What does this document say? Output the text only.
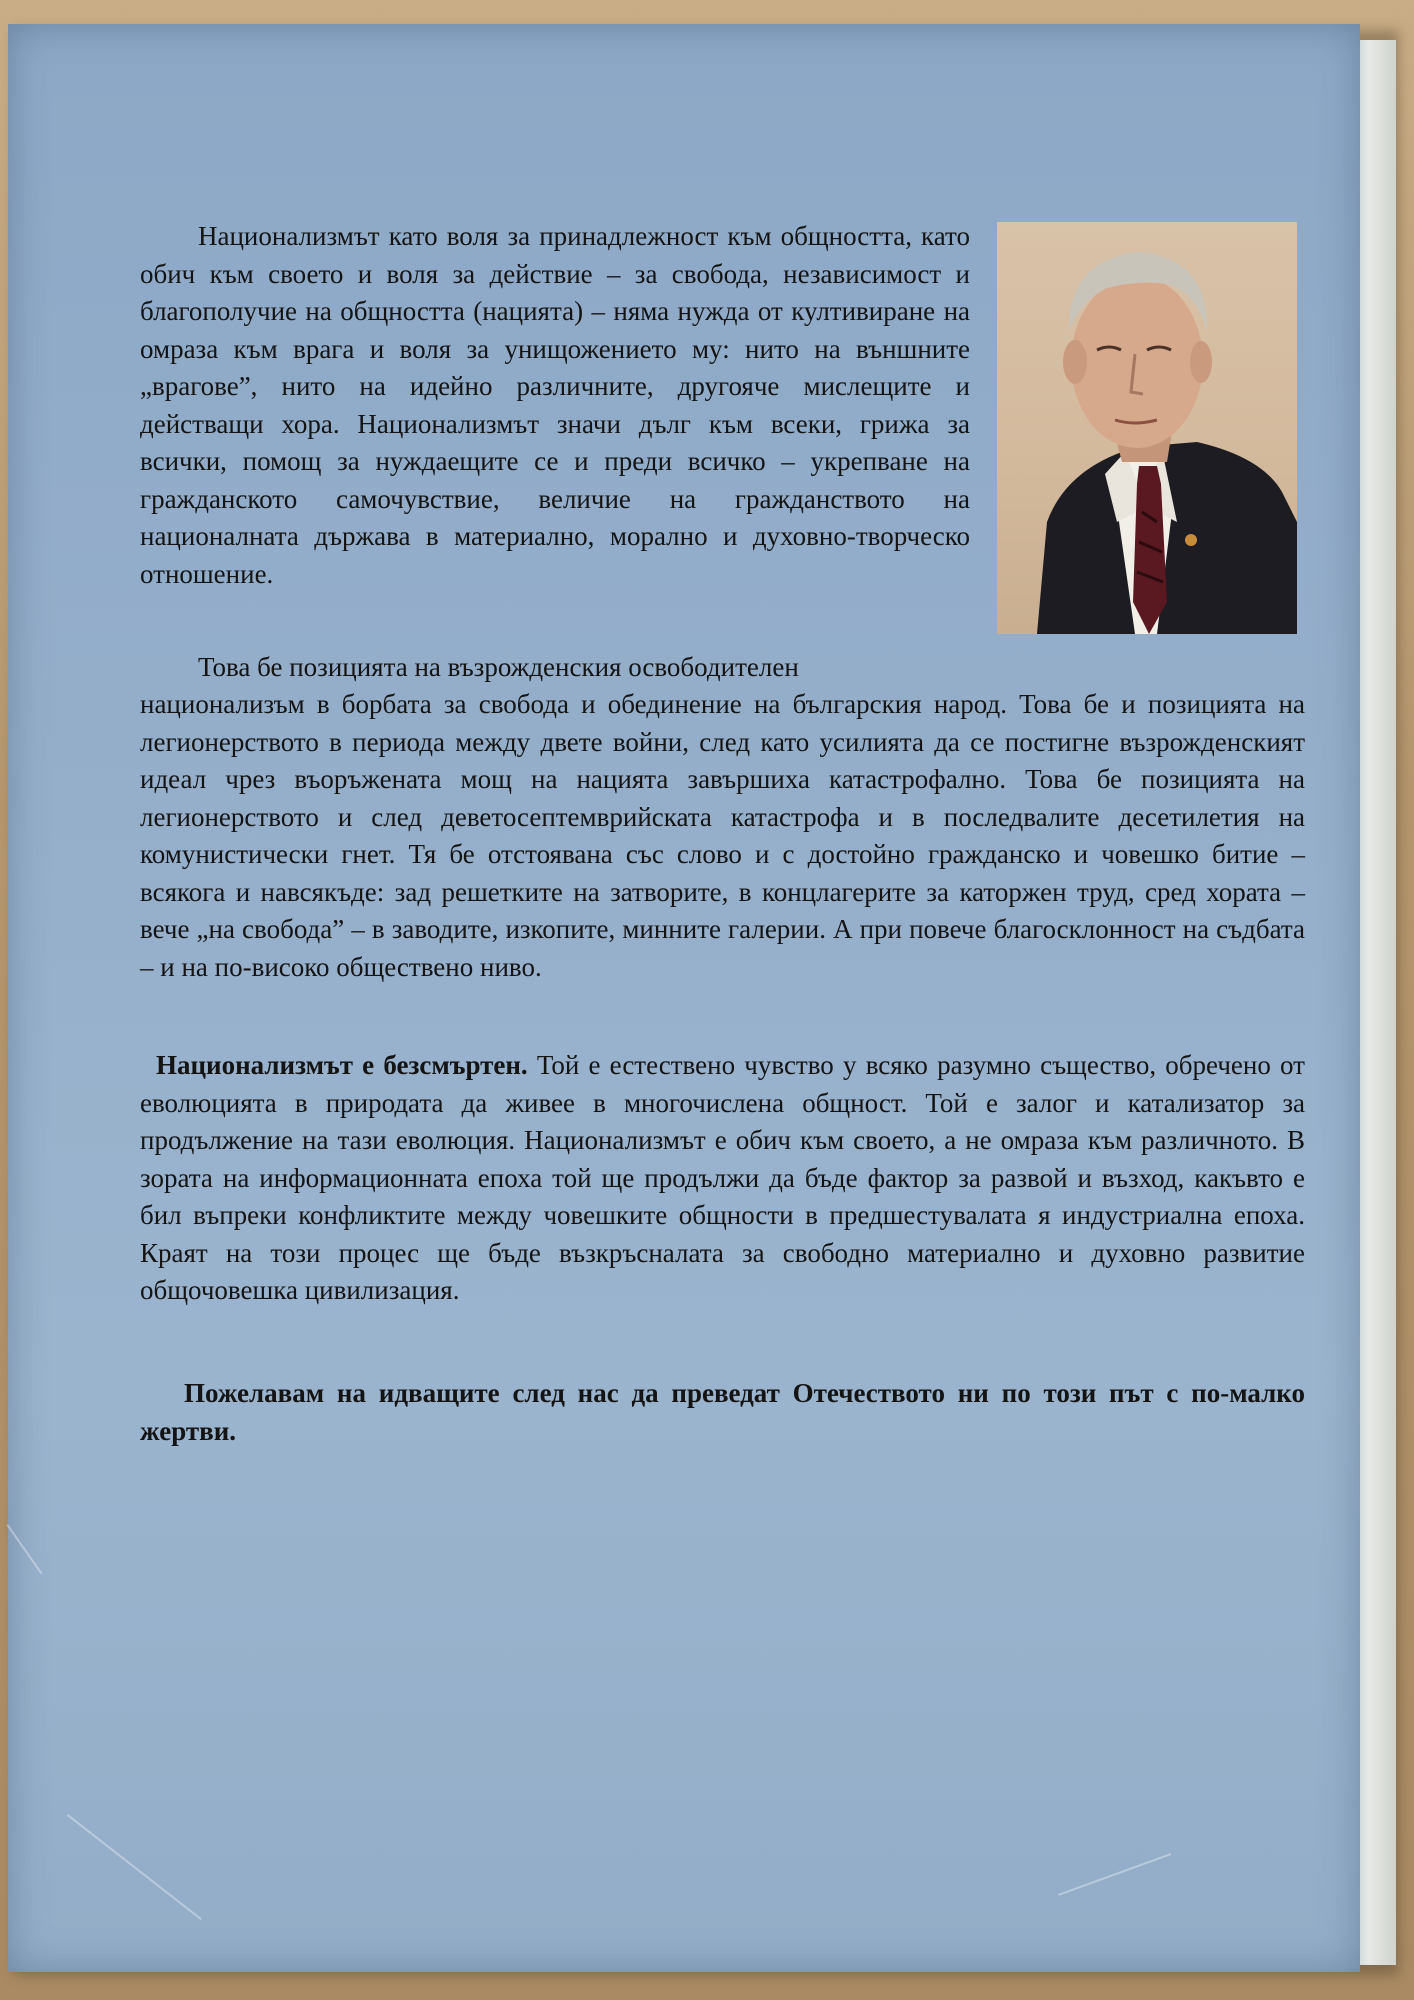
Национализмът като воля за принадлежност към общността, като обич към своето и воля за действие – за свобода, независимост и благополучие на общността (нацията) – няма нужда от култивиране на омраза към врага и воля за унищожението му: нито на външните „врагове”, нито на идейно различните, другояче мислещите и действащи хора. Национализмът значи дълг към всеки, грижа за всички, помощ за нуждаещите се и преди всичко – укрепване на гражданското самочувствие, величие на гражданството на националната държава в материално, морално и духовно-творческо отношение.

Това бе позицията на възрожденския освободителен

национализъм в борбата за свобода и обединение на българския народ. Това бе и позицията на легионерството в периода между двете войни, след като усилията да се постигне възрожденският идеал чрез въоръжената мощ на нацията завършиха катастрофално. Това бе позицията на легионерството и след деветосептемврийската катастрофа и в последвалите десетилетия на комунистически гнет. Тя бе отстоявана със слово и с достойно гражданско и човешко битие – всякога и навсякъде: зад решетките на затворите, в концлагерите за каторжен труд, сред хората – вече „на свобода” – в заводите, изкопите, минните галерии. А при повече благосклонност на съдбата – и на по-високо обществено ниво.

Национализмът е безсмъртен. Той е естествено чувство у всяко разумно същество, обречено от еволюцията в природата да живее в многочислена общност. Той е залог и катализатор за продължение на тази еволюция. Национализмът е обич към своето, а не омраза към различното. В зората на информационната епоха той ще продължи да бъде фактор за развой и възход, какъвто е бил въпреки конфликтите между човешките общности в предшестувалата я индустриална епоха. Краят на този процес ще бъде възкръсналата за свободно материално и духовно развитие общочовешка цивилизация.

Пожелавам на идващите след нас да преведат Отечеството ни по този път с по-малко жертви.
